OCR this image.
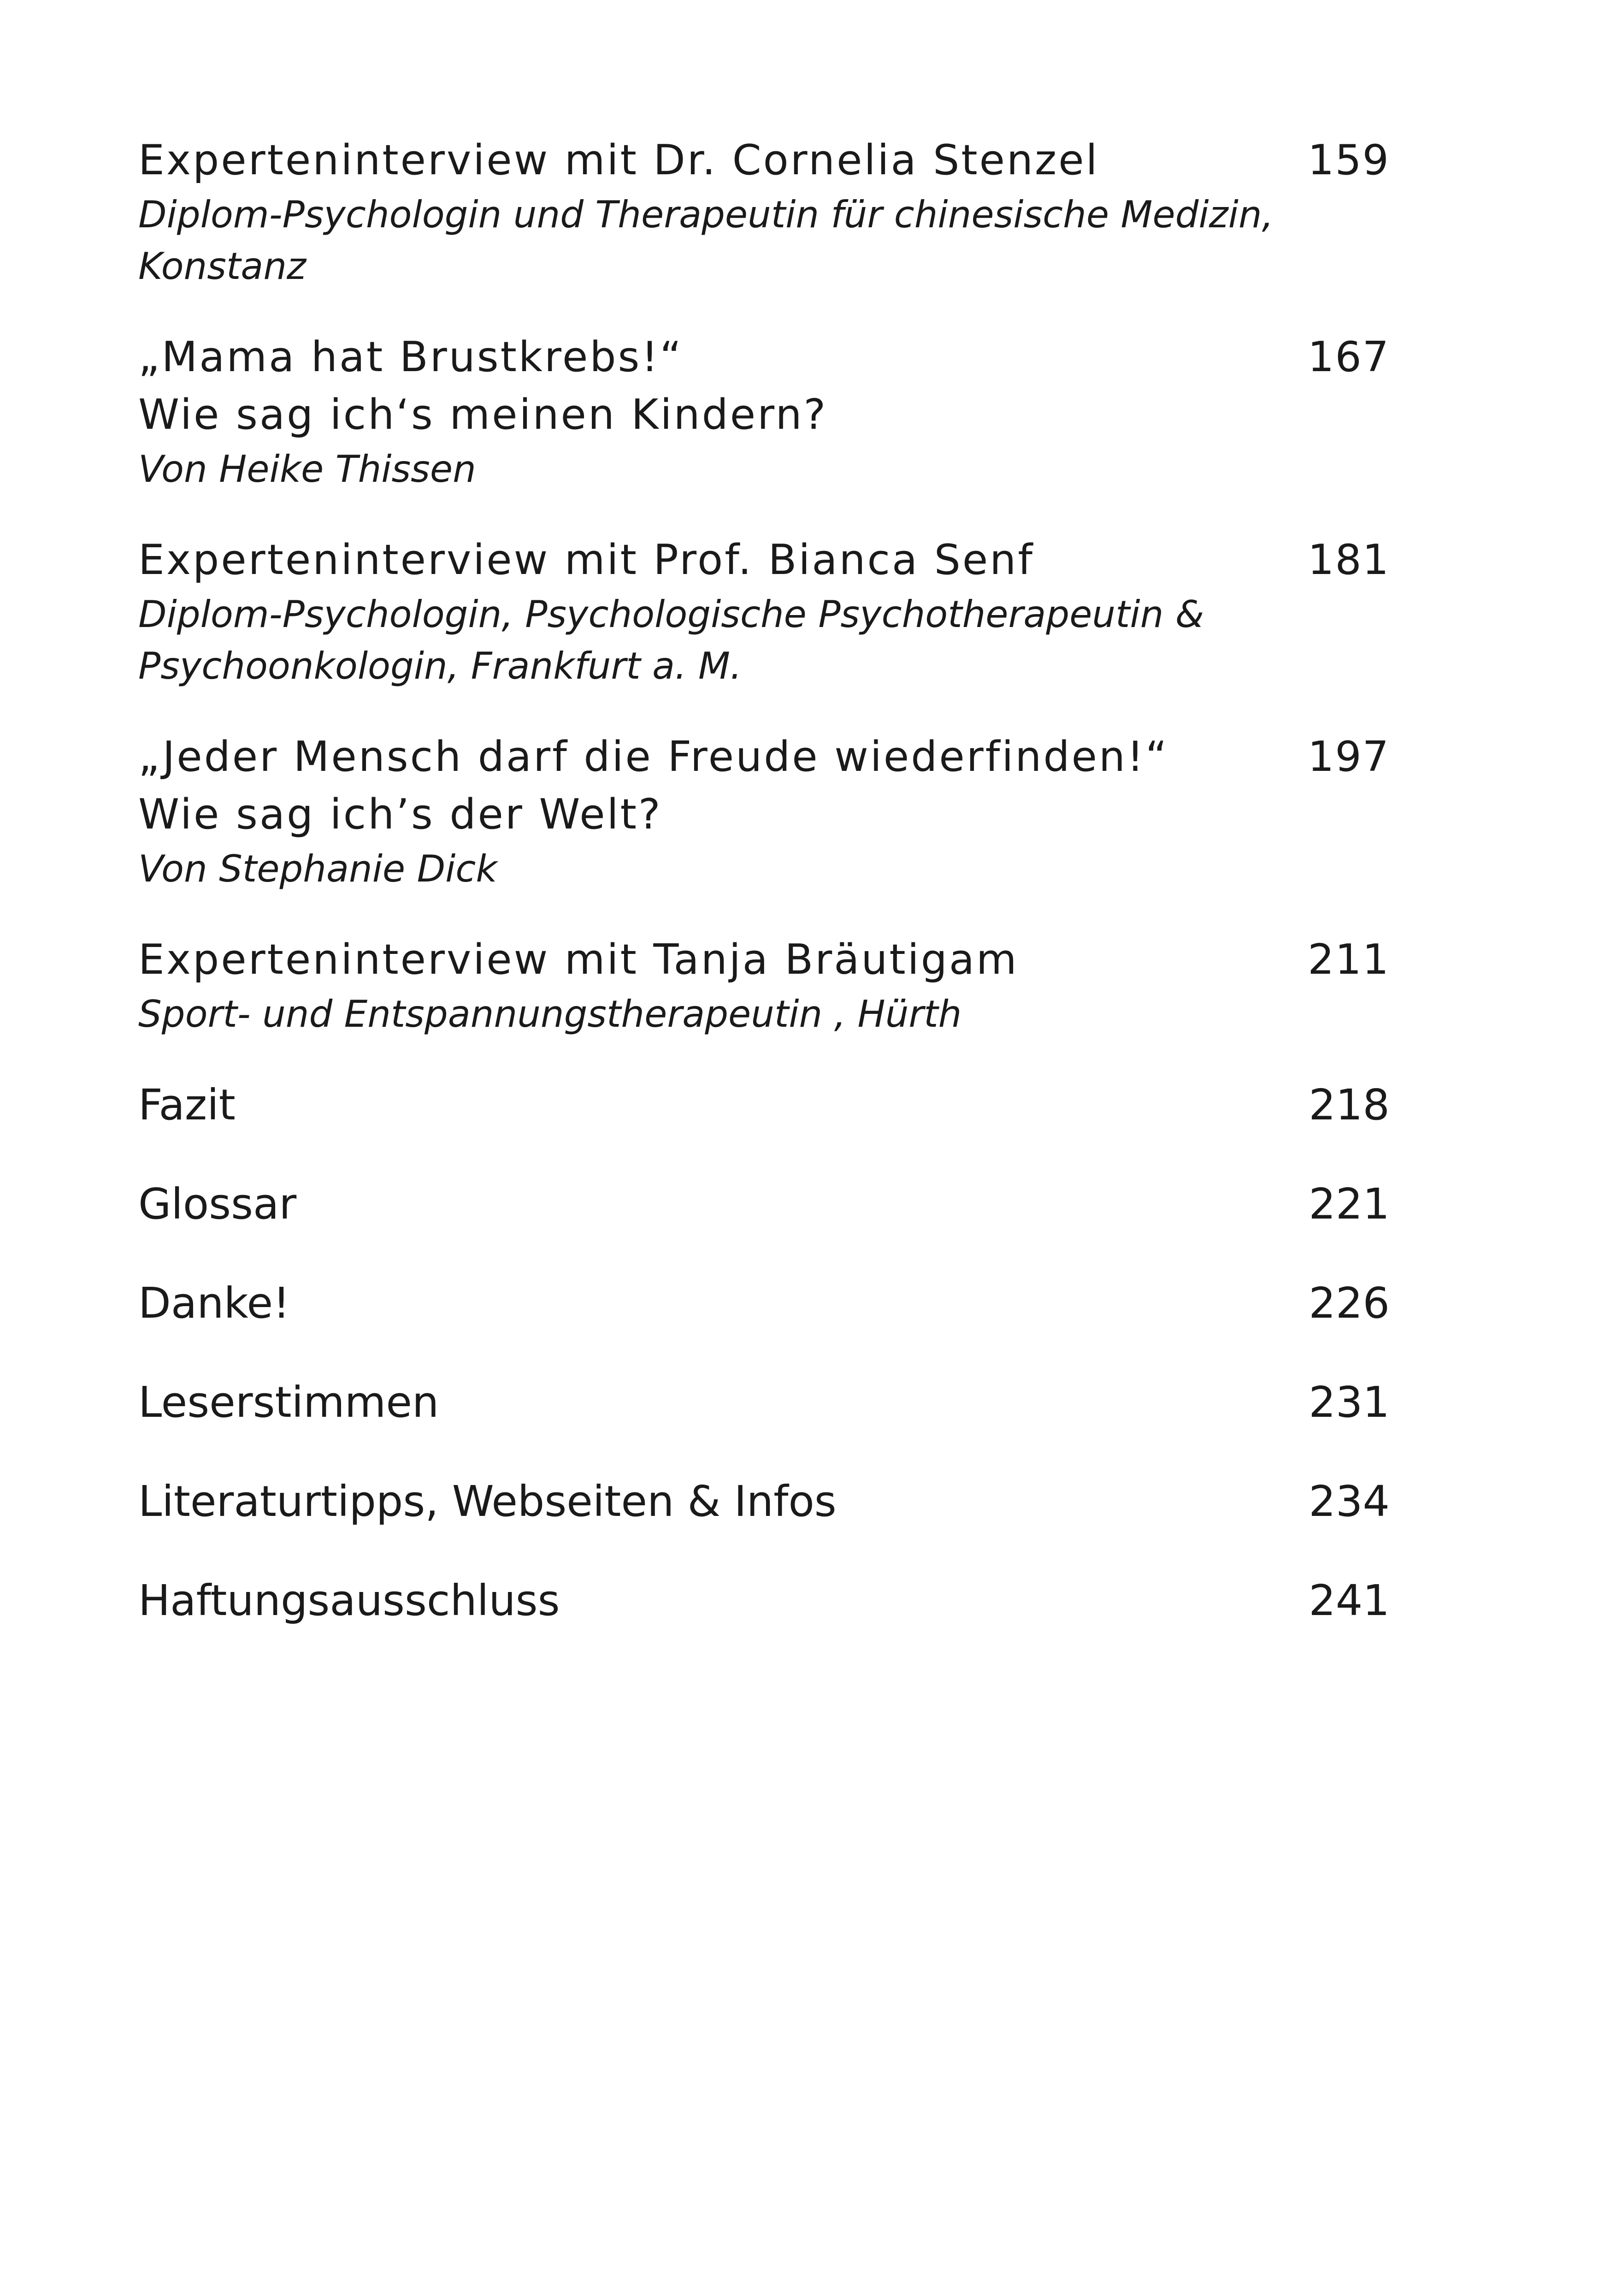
Experteninterview mit Dr. Cornelia Stenzel
Diplom-Psychologin und Therapeutin für chinesische Medizin,
Konstanz
159
„Mama hat Brustkrebs!“
Wie sag ich‘s meinen Kindern?
Von Heike Thissen
167
Experteninterview mit Prof. Bianca Senf
Diplom-Psychologin, Psychologische Psychotherapeutin &
Psychoonkologin, Frankfurt a. M.
181
„Jeder Mensch darf die Freude wiederfinden!“
Wie sag ich’s der Welt?
Von Stephanie Dick
197
Experteninterview mit Tanja Bräutigam
Sport- und Entspannungstherapeutin , Hürth
211
Fazit	218
Glossar	221
Danke!	226
Leserstimmen	231
Literaturtipps, Webseiten & Infos	234
Haftungsausschluss	241
